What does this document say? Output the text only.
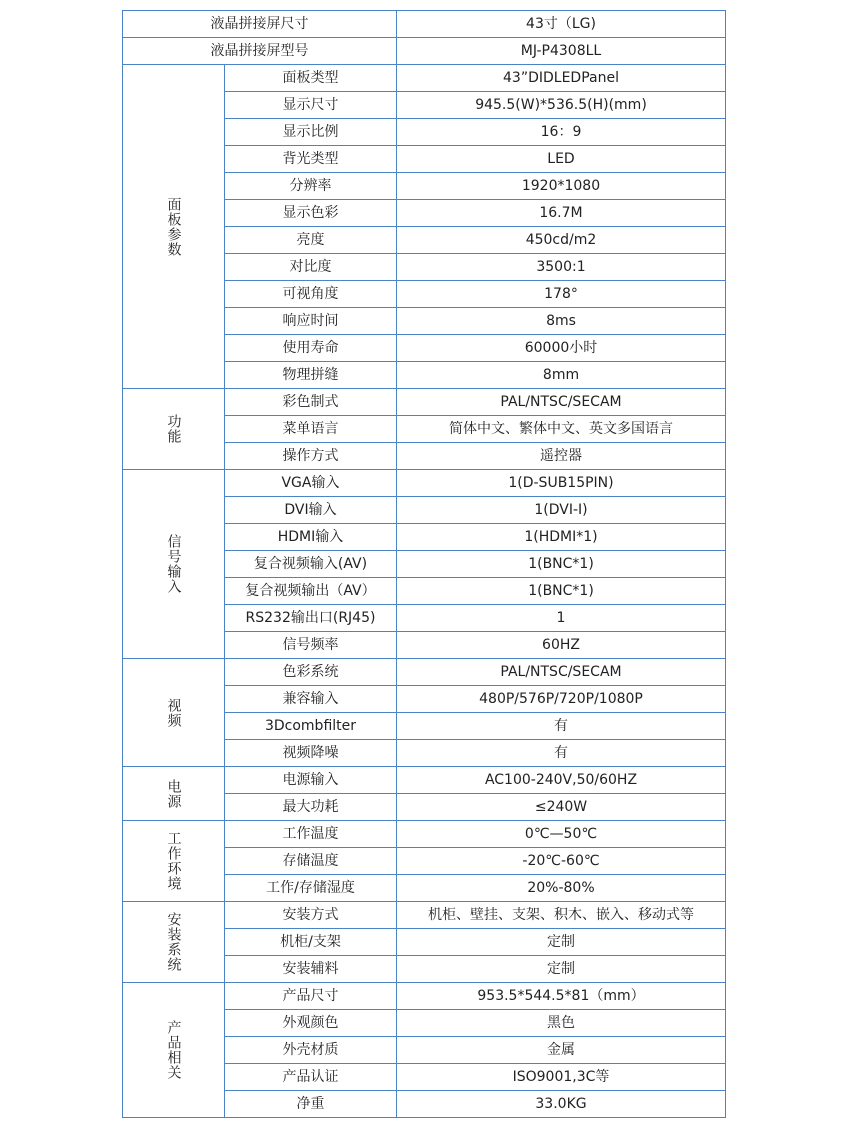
液晶拼接屏尺寸		43寸（LG)
液晶拼接屏型号		MJ-P4308LL
面板参数	面板类型	43”DIDLEDPanel
	显示尺寸	945.5(W)*536.5(H)(mm)
	显示比例	16：9
	背光类型	LED
	分辨率	1920*1080
	显示色彩	16.7M
	亮度	450cd/m2
	对比度	3500:1
	可视角度	178°
	响应时间	8ms
	使用寿命	60000小时
	物理拼缝	8mm
功能	彩色制式	PAL/NTSC/SECAM
	菜单语言	简体中文、繁体中文、英文多国语言
	操作方式	遥控器
信号输入	VGA输入	1(D-SUB15PIN)
	DVI输入	1(DVI-I)
	HDMI输入	1(HDMI*1)
	复合视频输入(AV)	1(BNC*1)
	复合视频输出（AV）	1(BNC*1)
	RS232输出口(RJ45)	1
	信号频率	60HZ
视频	色彩系统	PAL/NTSC/SECAM
	兼容输入	480P/576P/720P/1080P
	3Dcombfilter	有
	视频降噪	有
电源	电源输入	AC100-240V,50/60HZ
	最大功耗	≤240W
工作环境	工作温度	0℃—50℃
	存储温度	-20℃-60℃
	工作/存储湿度	20%-80%
安装系统	安装方式	机柜、壁挂、支架、积木、嵌入、移动式等
	机柜/支架	定制
	安装辅料	定制
产品相关	产品尺寸	953.5*544.5*81（mm）
	外观颜色	黑色
	外壳材质	金属
	产品认证	ISO9001,3C等
	净重	33.0KG
